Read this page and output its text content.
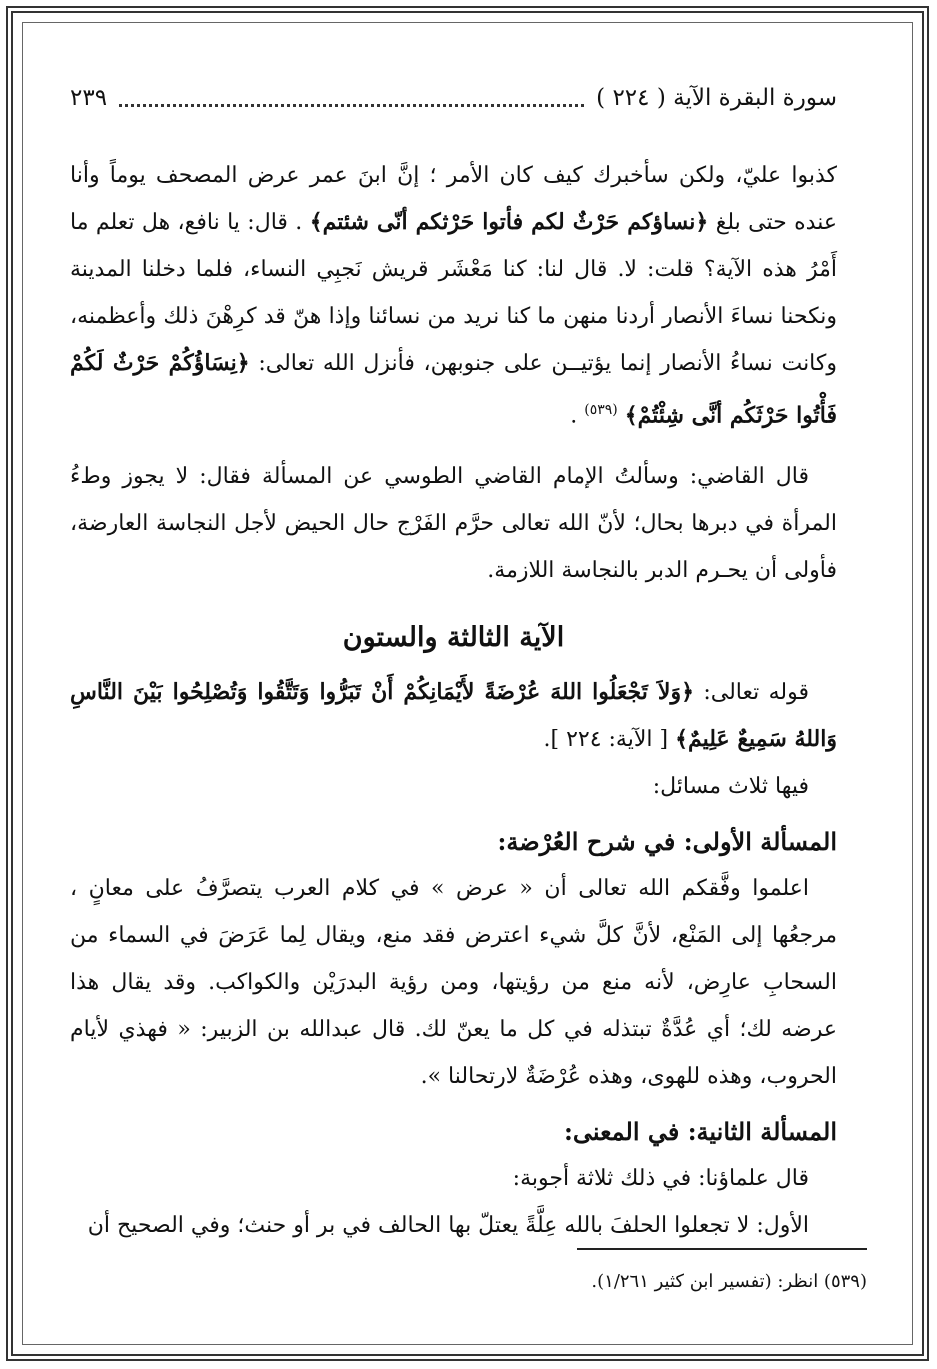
سورة البقرة الآية ( ٢٢٤ )
٢٣٩

كذبوا عليّ، ولكن سأخبرك كيف كان الأمر ؛ إنَّ ابنَ عمر عرض المصحف يوماً وأنا عنده حتى بلغ ﴿نساؤكم حَرْثٌ لكم فأتوا حَرْثكم أنّى شئتم﴾ . قال: يا نافع، هل تعلم ما أَمْرُ هذه الآية؟ قلت: لا. قال لنا: كنا مَعْشَر قريش نَجبِي النساء، فلما دخلنا المدينة ونكحنا نساءَ الأنصار أردنا منهن ما كنا نريد من نسائنا وإذا هنّ قد كرِهْنَ ذلك وأعظمنه، وكانت نساءُ الأنصار إنما يؤتيــن على جنوبهن، فأنزل الله تعالى: ﴿نِسَاؤُكُمْ حَرْثٌ لَكُمْ فَأْتُوا حَرْثَكُم أنَّى شِئْتُمْ﴾ $^{(٥٣٩)}$ .

قال القاضي: وسألتُ الإمام القاضي الطوسي عن المسألة فقال: لا يجوز وطءُ المرأة في دبرها بحال؛ لأنّ الله تعالى حرَّم الفَرْج حال الحيض لأجل النجاسة العارضة، فأولى أن يحـرم الدبر بالنجاسة اللازمة.

الآية الثالثة والستون

قوله تعالى: ﴿وَلاَ تَجْعَلُوا اللهَ عُرْضَةً لأَيْمَانِكُمْ أَنْ تَبَرُّوا وَتَتَّقُوا وَتُصْلِحُوا بَيْنَ النَّاسِ وَاللهُ سَمِيعٌ عَلِيمٌ﴾ [ الآية: ٢٢٤ ].

فيها ثلاث مسائل:

المسألة الأولى: في شرح العُرْضة:

اعلموا وفَّقكم الله تعالى أن « عرض » في كلام العرب يتصرَّفُ على معانٍ ، مرجعُها إلى المَنْع، لأنَّ كلَّ شيء اعترض فقد منع، ويقال لِما عَرَضَ في السماء من السحابِ عارِض، لأنه منع من رؤيتها، ومن رؤية البدرَيْن والكواكب. وقد يقال هذا عرضه لك؛ أي عُدَّةٌ تبتذله في كل ما يعنّ لك. قال عبدالله بن الزبير: « فهذي لأيام الحروب، وهذه للهوى، وهذه عُرْضَةٌ لارتحالنا ».

المسألة الثانية: في المعنى:

قال علماؤنا: في ذلك ثلاثة أجوبة:

الأول: لا تجعلوا الحلفَ بالله عِلَّةً يعتلّ بها الحالف في بر أو حنث؛ وفي الصحيح أن

(٥٣٩) انظر: (تفسير ابن كثير ١/٢٦١).
